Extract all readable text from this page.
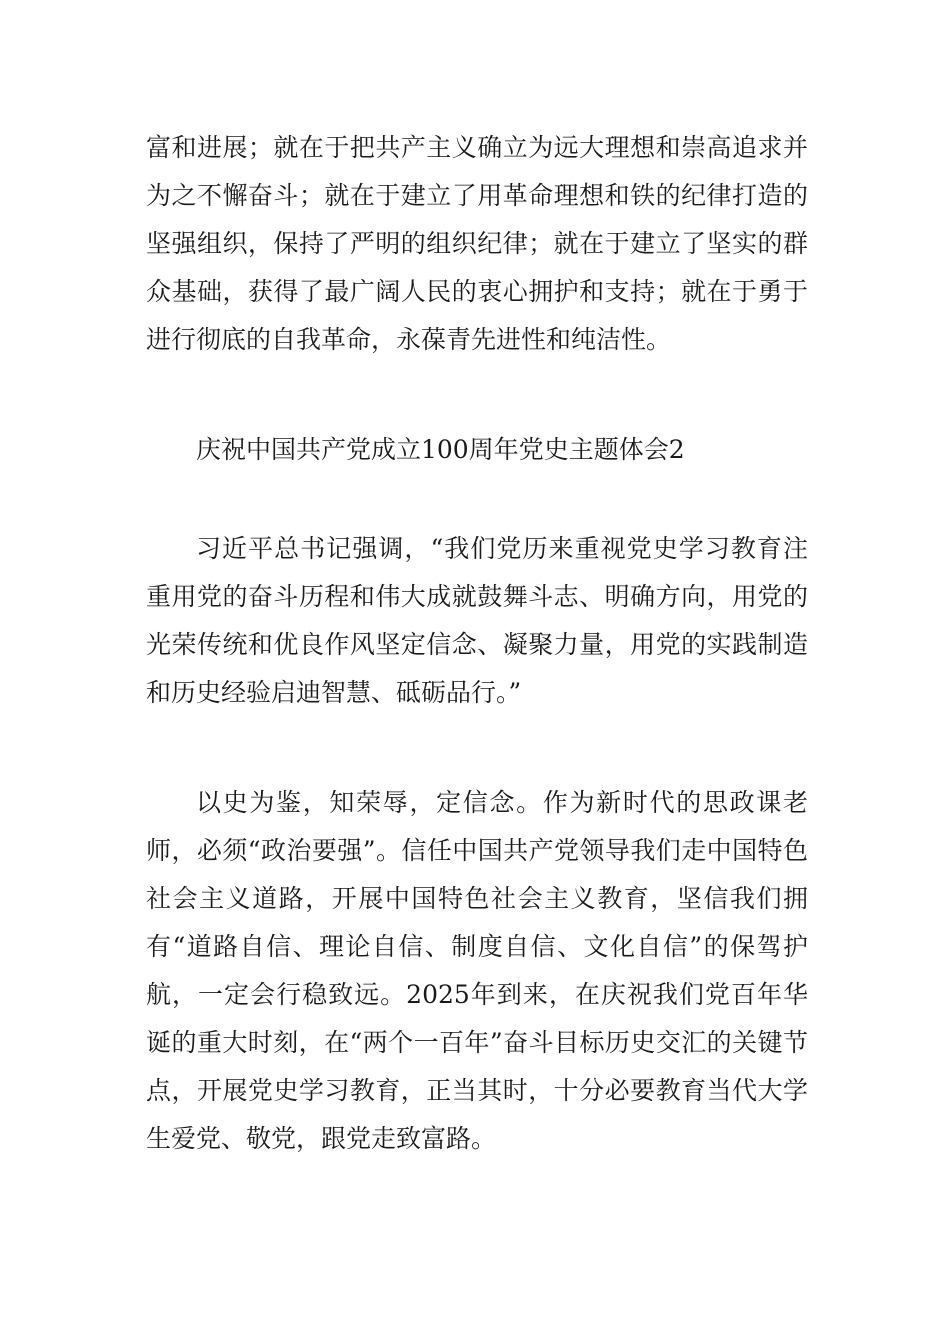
富和进展；就在于把共产主义确立为远大理想和崇高追求并为之不懈奋斗；就在于建立了用革命理想和铁的纪律打造的坚强组织，保持了严明的组织纪律；就在于建立了坚实的群众基础，获得了最广阔人民的衷心拥护和支持；就在于勇于进行彻底的自我革命，永葆青先进性和纯洁性。

庆祝中国共产党成立100周年党史主题体会2

习近平总书记强调，“我们党历来重视党史学习教育注重用党的奋斗历程和伟大成就鼓舞斗志、明确方向，用党的光荣传统和优良作风坚定信念、凝聚力量，用党的实践制造和历史经验启迪智慧、砥砺品行。”

以史为鉴，知荣辱，定信念。作为新时代的思政课老师，必须“政治要强”。信任中国共产党领导我们走中国特色社会主义道路，开展中国特色社会主义教育，坚信我们拥有“道路自信、理论自信、制度自信、文化自信”的保驾护航，一定会行稳致远。2025年到来，在庆祝我们党百年华诞的重大时刻，在“两个一百年”奋斗目标历史交汇的关键节点，开展党史学习教育，正当其时，十分必要教育当代大学生爱党、敬党，跟党走致富路。
